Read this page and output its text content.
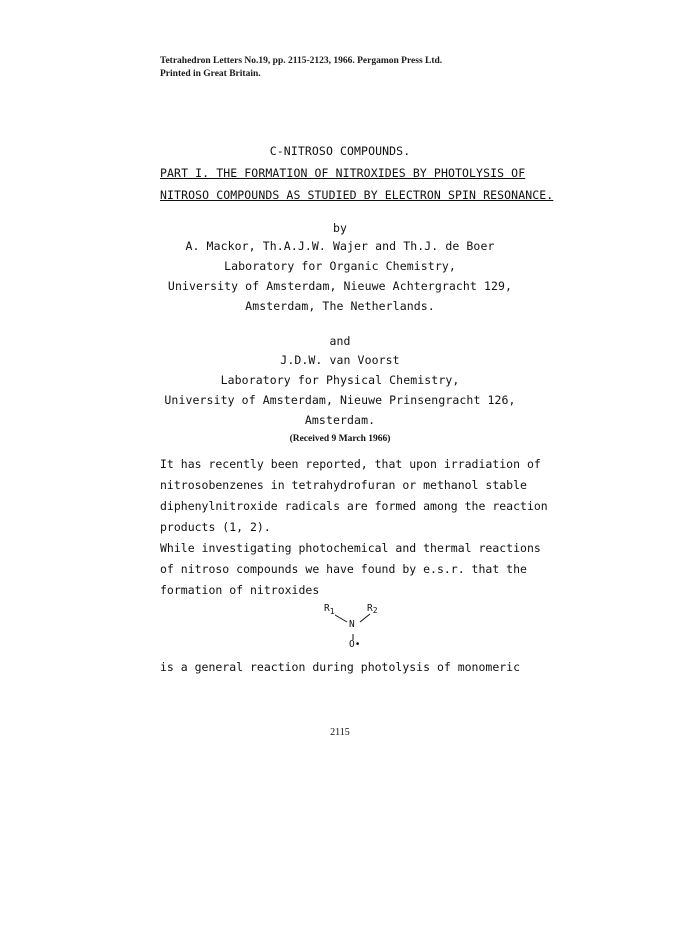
Tetrahedron Letters No.19, pp. 2115-2123, 1966. Pergamon Press Ltd.
Printed in Great Britain.
C-NITROSO COMPOUNDS.
PART I. THE FORMATION OF NITROXIDES BY PHOTOLYSIS OF
NITROSO COMPOUNDS AS STUDIED BY ELECTRON SPIN RESONANCE.
by
A. Mackor, Th.A.J.W. Wajer and Th.J. de Boer
Laboratory for Organic Chemistry,
University of Amsterdam, Nieuwe Achtergracht 129,
Amsterdam, The Netherlands.
and
J.D.W. van Voorst
Laboratory for Physical Chemistry,
University of Amsterdam, Nieuwe Prinsengracht 126,
Amsterdam.
(Received 9 March 1966)
It has recently been reported, that upon irradiation of
nitrosobenzenes in tetrahydrofuran or methanol stable
diphenylnitroxide radicals are formed among the reaction
products (1, 2).
While investigating photochemical and thermal reactions
of nitroso compounds we have found by e.s.r. that the
formation of nitroxides
$R_1$	$R^2$
N
O•
is a general reaction during photolysis of monomeric
2115
